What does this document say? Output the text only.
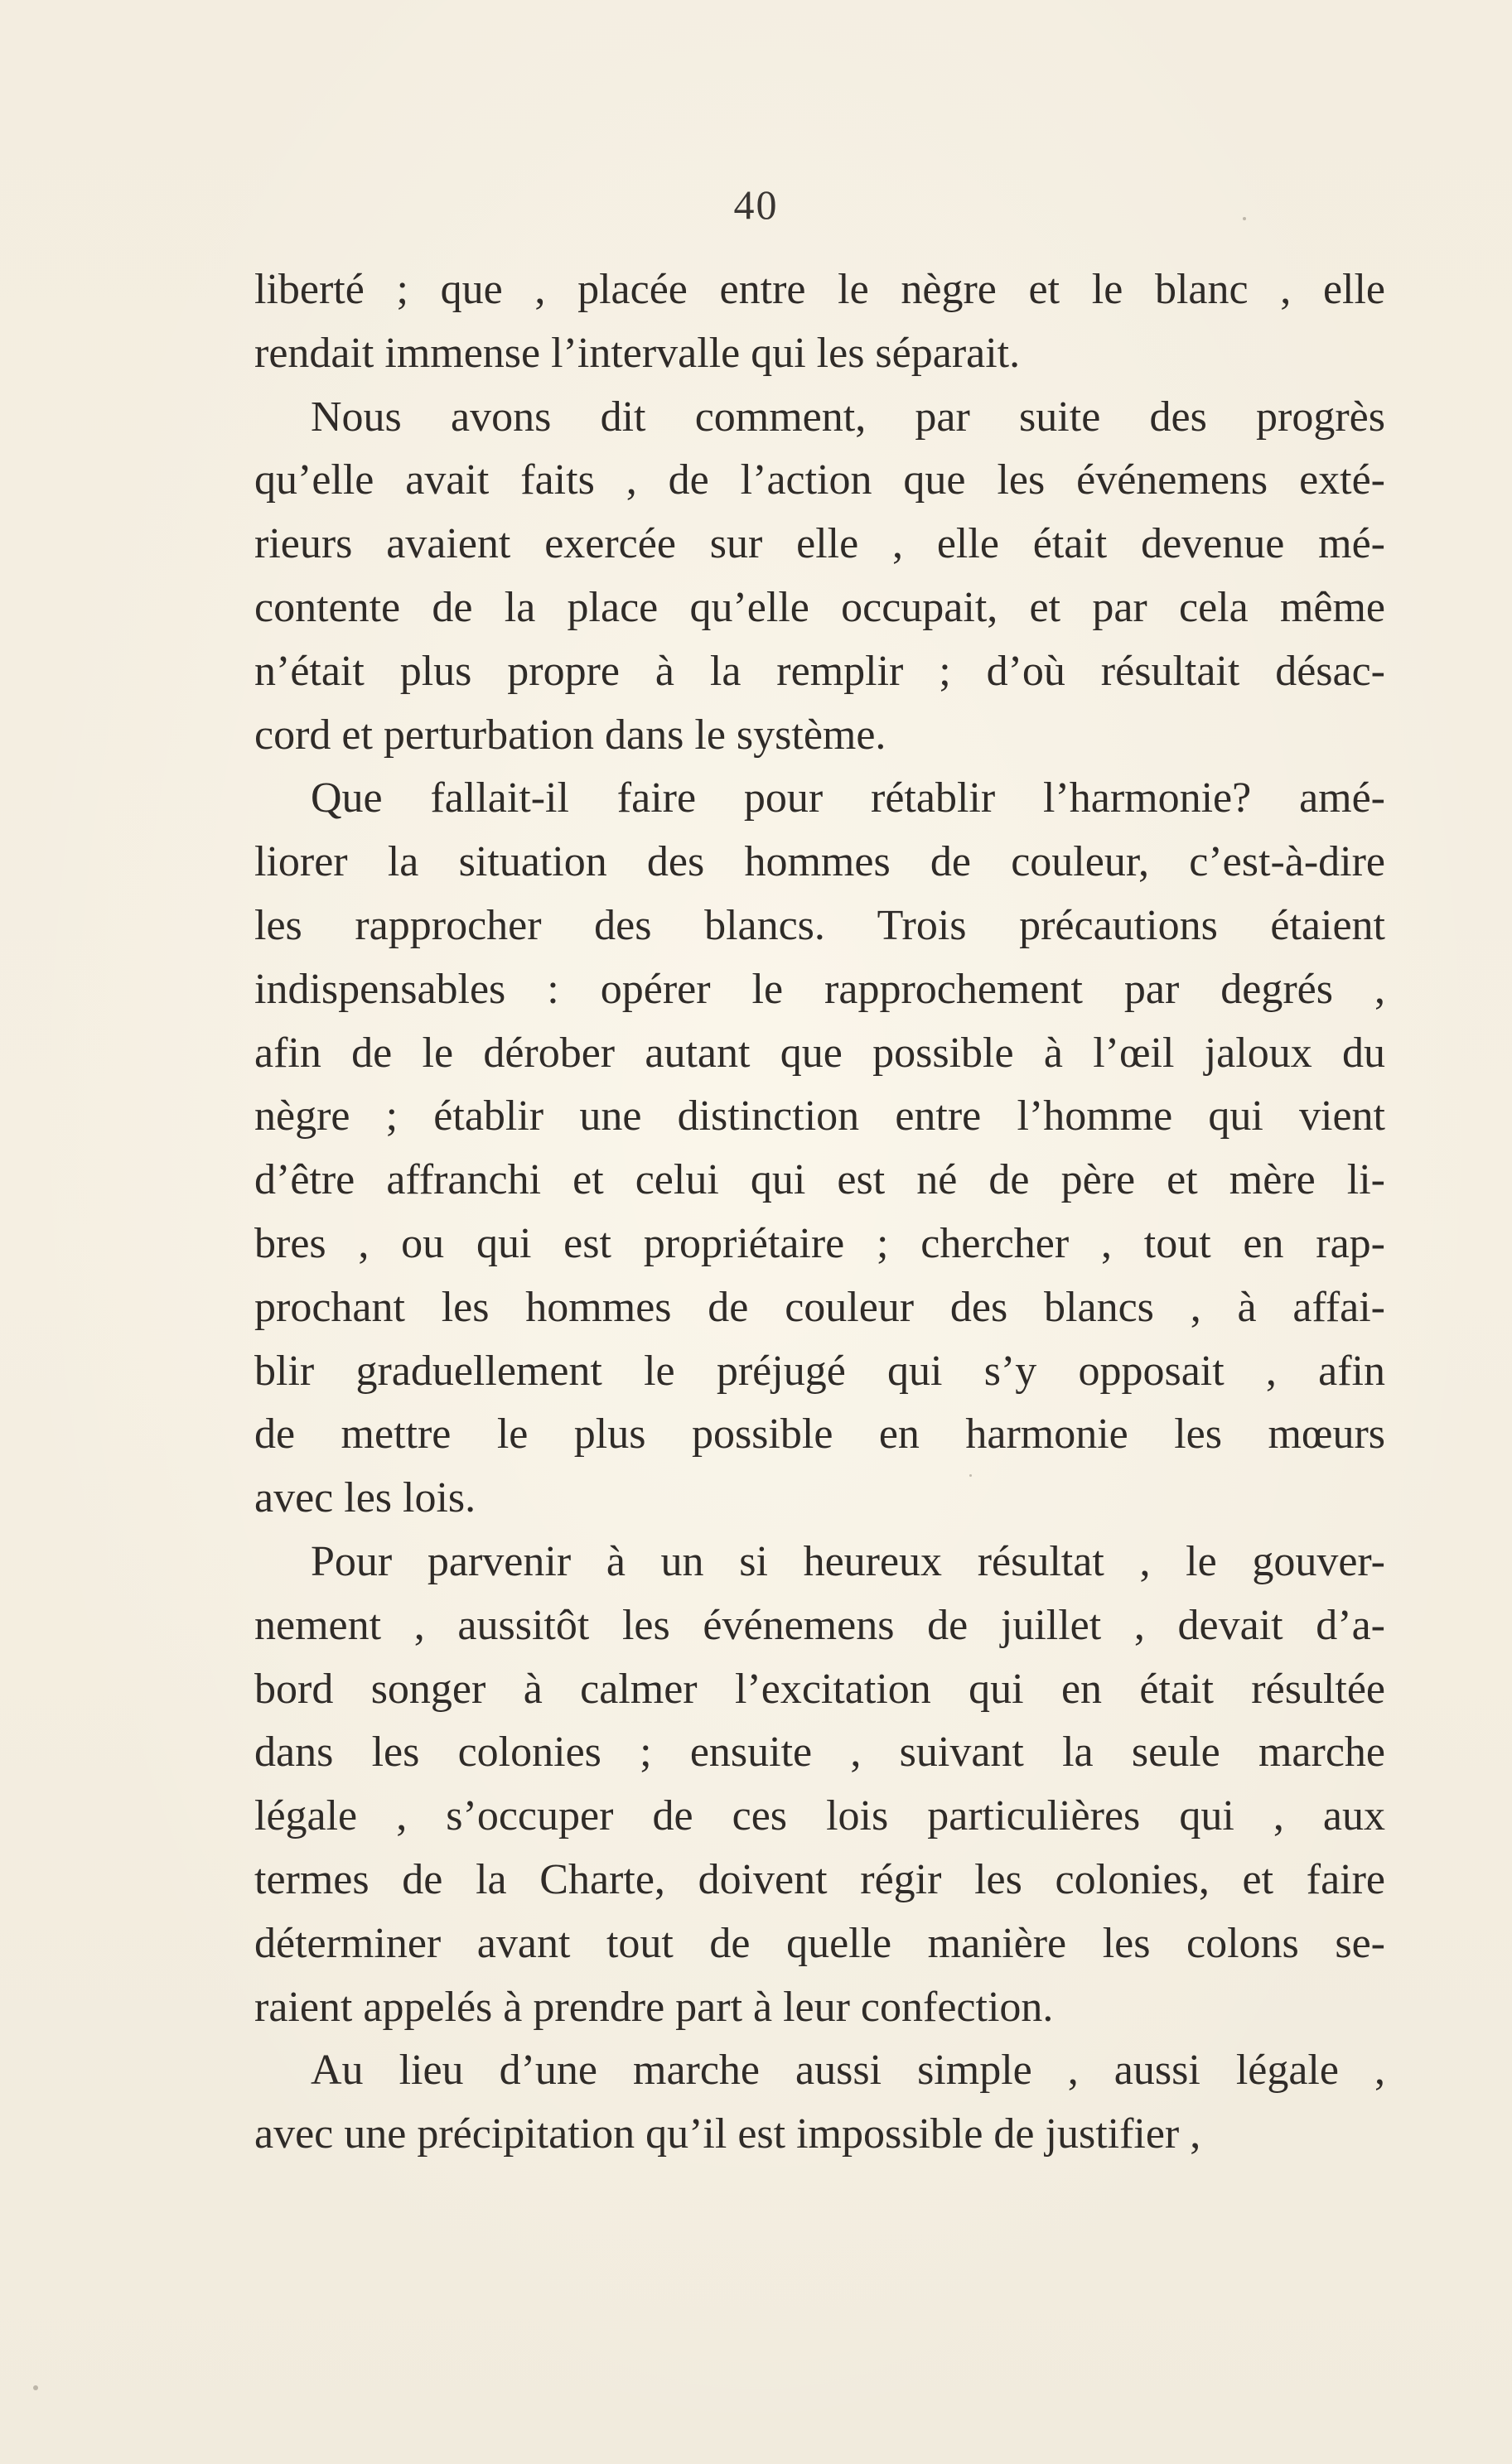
40
liberté ; que , placée entre le nègre et le blanc , elle
rendait immense l’intervalle qui les séparait.
Nous avons dit comment, par suite des progrès
qu’elle avait faits , de l’action que les événemens exté-
rieurs avaient exercée sur elle , elle était devenue mé-
contente de la place qu’elle occupait, et par cela même
n’était plus propre à la remplir ; d’où résultait désac-
cord et perturbation dans le système.
Que fallait-il faire pour rétablir l’harmonie? amé-
liorer la situation des hommes de couleur, c’est-à-dire
les rapprocher des blancs. Trois précautions étaient
indispensables : opérer le rapprochement par degrés ,
afin de le dérober autant que possible à l’œil jaloux du
nègre ; établir une distinction entre l’homme qui vient
d’être affranchi et celui qui est né de père et mère li-
bres , ou qui est propriétaire ; chercher , tout en rap-
prochant les hommes de couleur des blancs , à affai-
blir graduellement le préjugé qui s’y opposait , afin
de mettre le plus possible en harmonie les mœurs
avec les lois.
Pour parvenir à un si heureux résultat , le gouver-
nement , aussitôt les événemens de juillet , devait d’a-
bord songer à calmer l’excitation qui en était résultée
dans les colonies ; ensuite , suivant la seule marche
légale , s’occuper de ces lois particulières qui , aux
termes de la Charte, doivent régir les colonies, et faire
déterminer avant tout de quelle manière les colons se-
raient appelés à prendre part à leur confection.
Au lieu d’une marche aussi simple , aussi légale ,
avec une précipitation qu’il est impossible de justifier ,
